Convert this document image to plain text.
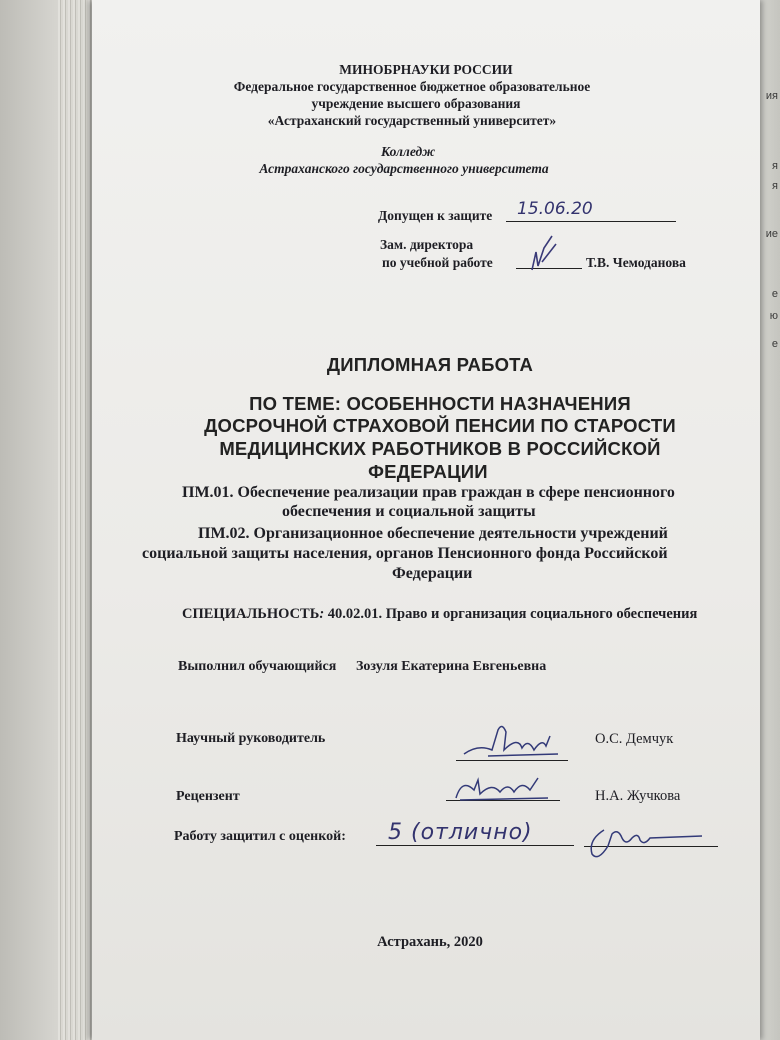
ия
я
я
ие
е
ю
е
МИНОБРНАУКИ РОССИИ
Федеральное государственное бюджетное образовательное
учреждение высшего образования
«Астраханский государственный университет»
Колледж
Астраханского государственного университета
Допущен к защите 15.06.20
Зам. директора
по учебной работе	Т.В. Чемоданова
ДИПЛОМНАЯ РАБОТА
ПО ТЕМЕ: ОСОБЕННОСТИ НАЗНАЧЕНИЯ
ДОСРОЧНОЙ СТРАХОВОЙ ПЕНСИИ ПО СТАРОСТИ
МЕДИЦИНСКИХ РАБОТНИКОВ В РОССИЙСКОЙ
ФЕДЕРАЦИИ
ПМ.01. Обеспечение реализации прав граждан в сфере пенсионного
обеспечения и социальной защиты
ПМ.02. Организационное обеспечение деятельности учреждений
социальной защиты населения, органов Пенсионного фонда Российской
Федерации
СПЕЦИАЛЬНОСТЬ: 40.02.01. Право и организация социального обеспечения
Выполнил обучающийся Зозуля Екатерина Евгеньевна
Научный руководитель	О.С. Демчук
Рецензент	Н.А. Жучкова
Работу защитил с оценкой: 5 (отлично)
Астрахань, 2020
